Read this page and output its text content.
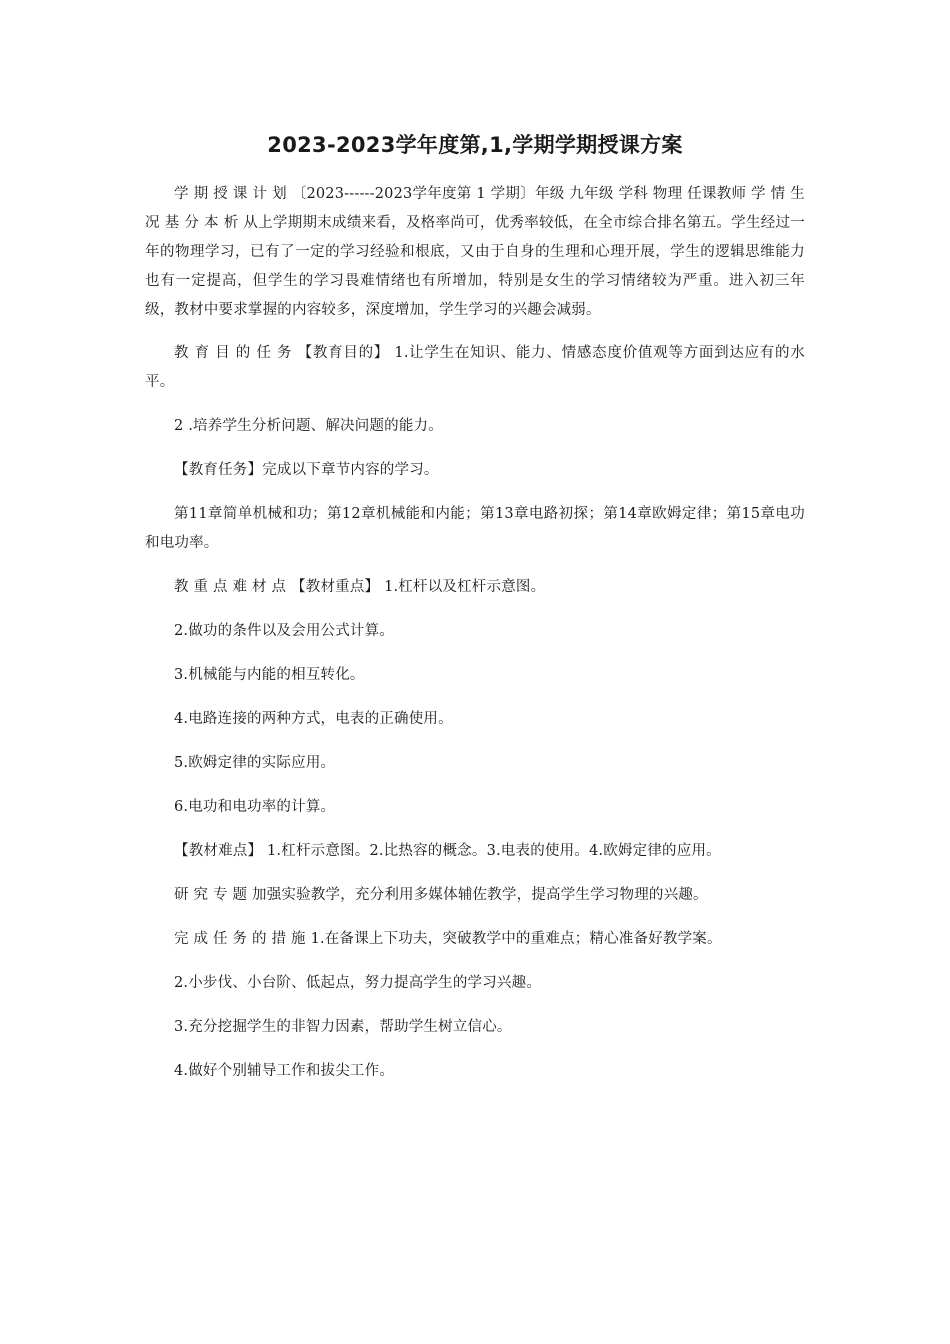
2023-2023学年度第,1,学期学期授课方案

学 期 授 课 计 划 〔2023------2023学年度第 1 学期〕年级 九年级 学科 物理 任课教师 学 情 生 况 基 分 本 析 从上学期期末成绩来看，及格率尚可，优秀率较低，在全市综合排名第五。学生经过一年的物理学习，已有了一定的学习经验和根底，又由于自身的生理和心理开展，学生的逻辑思维能力也有一定提高，但学生的学习畏难情绪也有所增加，特别是女生的学习情绪较为严重。进入初三年级，教材中要求掌握的内容较多，深度增加，学生学习的兴趣会减弱。

教 育 目 的 任 务 【教育目的】 1.让学生在知识、能力、情感态度价值观等方面到达应有的水平。

2 .培养学生分析问题、解决问题的能力。

【教育任务】完成以下章节内容的学习。

第11章简单机械和功；第12章机械能和内能；第13章电路初探；第14章欧姆定律；第15章电功和电功率。

教 重 点 难 材 点 【教材重点】 1.杠杆以及杠杆示意图。

2.做功的条件以及会用公式计算。

3.机械能与内能的相互转化。

4.电路连接的两种方式，电表的正确使用。

5.欧姆定律的实际应用。

6.电功和电功率的计算。

【教材难点】 1.杠杆示意图。2.比热容的概念。3.电表的使用。4.欧姆定律的应用。

研 究 专 题 加强实验教学，充分利用多媒体辅佐教学，提高学生学习物理的兴趣。

完 成 任 务 的 措 施 1.在备课上下功夫，突破教学中的重难点；精心准备好教学案。

2.小步伐、小台阶、低起点，努力提高学生的学习兴趣。

3.充分挖掘学生的非智力因素，帮助学生树立信心。

4.做好个别辅导工作和拔尖工作。
